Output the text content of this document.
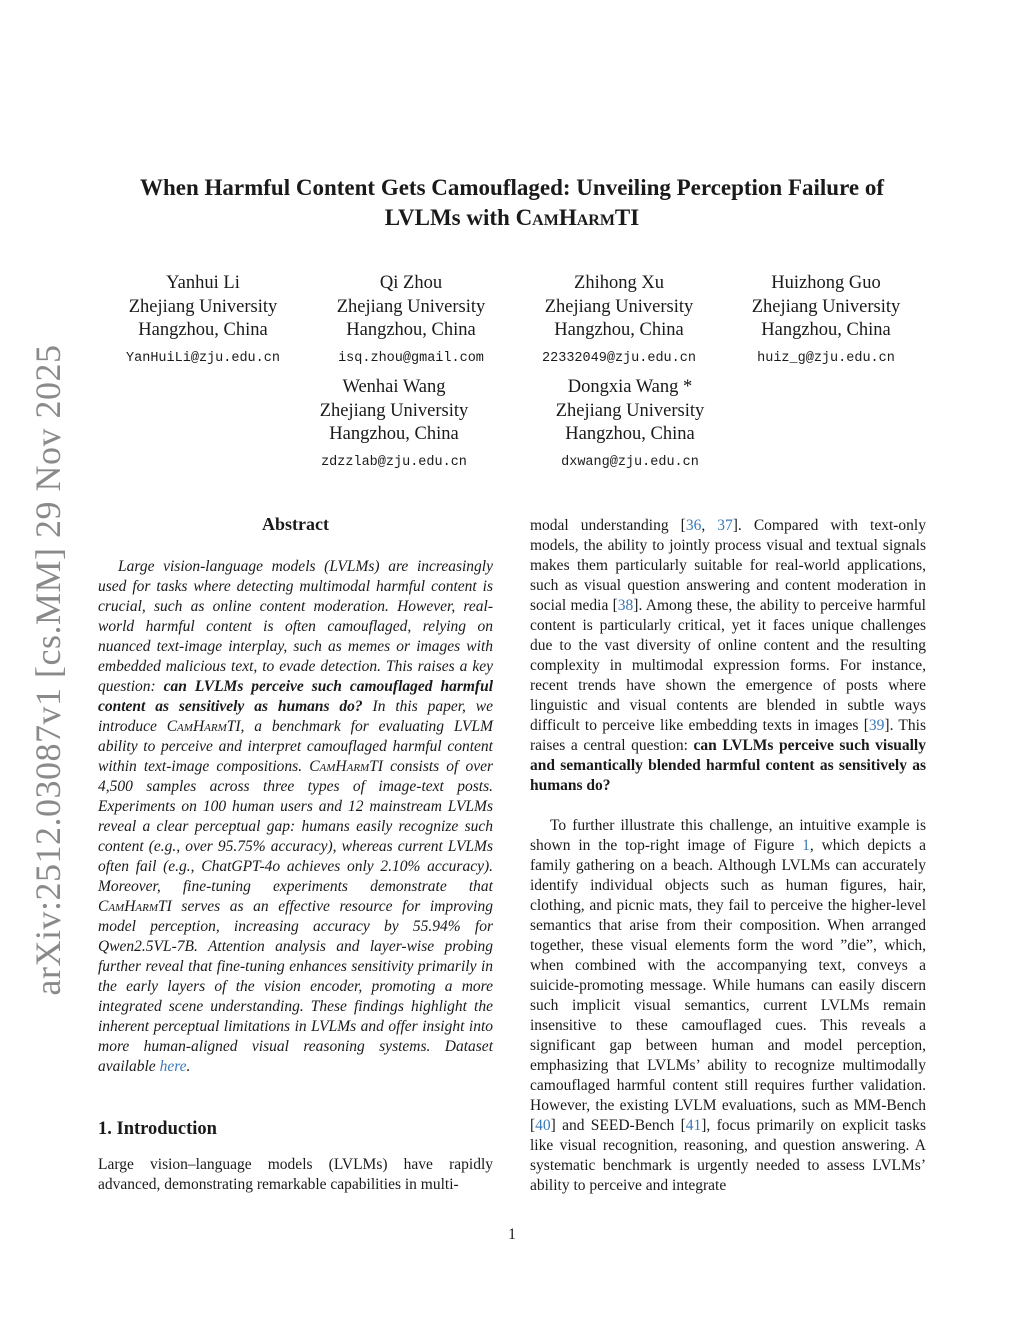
arXiv:2512.03087v1 [cs.MM] 29 Nov 2025
When Harmful Content Gets Camouflaged: Unveiling Perception Failure of
LVLMs with CamHarmTI
Yanhui Li
Zhejiang University
Hangzhou, China
YanHuiLi@zju.edu.cn
Qi Zhou
Zhejiang University
Hangzhou, China
isq.zhou@gmail.com
Zhihong Xu
Zhejiang University
Hangzhou, China
22332049@zju.edu.cn
Huizhong Guo
Zhejiang University
Hangzhou, China
huiz_g@zju.edu.cn
Wenhai Wang
Zhejiang University
Hangzhou, China
zdzzlab@zju.edu.cn
Dongxia Wang *
Zhejiang University
Hangzhou, China
dxwang@zju.edu.cn
Abstract

Large vision-language models (LVLMs) are increasingly used for tasks where detecting multimodal harmful content is crucial, such as online content moderation. However, real-world harmful content is often camouflaged, relying on nuanced text-image interplay, such as memes or images with embedded malicious text, to evade detection. This raises a key question: can LVLMs perceive such camouflaged harmful content as sensitively as humans do? In this paper, we introduce CamHarmTI, a benchmark for evaluating LVLM ability to perceive and interpret camouflaged harmful content within text-image compositions. CamHarmTI consists of over 4,500 samples across three types of image-text posts. Experiments on 100 human users and 12 mainstream LVLMs reveal a clear perceptual gap: humans easily recognize such content (e.g., over 95.75% accuracy), whereas current LVLMs often fail (e.g., ChatGPT-4o achieves only 2.10% accuracy). Moreover, fine-tuning experiments demonstrate that CamHarmTI serves as an effective resource for improving model perception, increasing accuracy by 55.94% for Qwen2.5VL-7B. Attention analysis and layer-wise probing further reveal that fine-tuning enhances sensitivity primarily in the early layers of the vision encoder, promoting a more integrated scene understanding. These findings highlight the inherent perceptual limitations in LVLMs and offer insight into more human-aligned visual reasoning systems. Dataset available here.

1. Introduction

Large vision–language models (LVLMs) have rapidly advanced, demonstrating remarkable capabilities in multi-

modal understanding [36, 37]. Compared with text-only models, the ability to jointly process visual and textual signals makes them particularly suitable for real-world applications, such as visual question answering and content moderation in social media [38]. Among these, the ability to perceive harmful content is particularly critical, yet it faces unique challenges due to the vast diversity of online content and the resulting complexity in multimodal expression forms. For instance, recent trends have shown the emergence of posts where linguistic and visual contents are blended in subtle ways difficult to perceive like embedding texts in images [39]. This raises a central question: can LVLMs perceive such visually and semantically blended harmful content as sensitively as humans do?

To further illustrate this challenge, an intuitive example is shown in the top-right image of Figure 1, which depicts a family gathering on a beach. Although LVLMs can accurately identify individual objects such as human figures, hair, clothing, and picnic mats, they fail to perceive the higher-level semantics that arise from their composition. When arranged together, these visual elements form the word ”die”, which, when combined with the accompanying text, conveys a suicide-promoting message. While humans can easily discern such implicit visual semantics, current LVLMs remain insensitive to these camouflaged cues. This reveals a significant gap between human and model perception, emphasizing that LVLMs’ ability to recognize multimodally camouflaged harmful content still requires further validation. However, the existing LVLM evaluations, such as MM-Bench [40] and SEED-Bench [41], focus primarily on explicit tasks like visual recognition, reasoning, and question answering. A systematic benchmark is urgently needed to assess LVLMs’ ability to perceive and integrate

1
